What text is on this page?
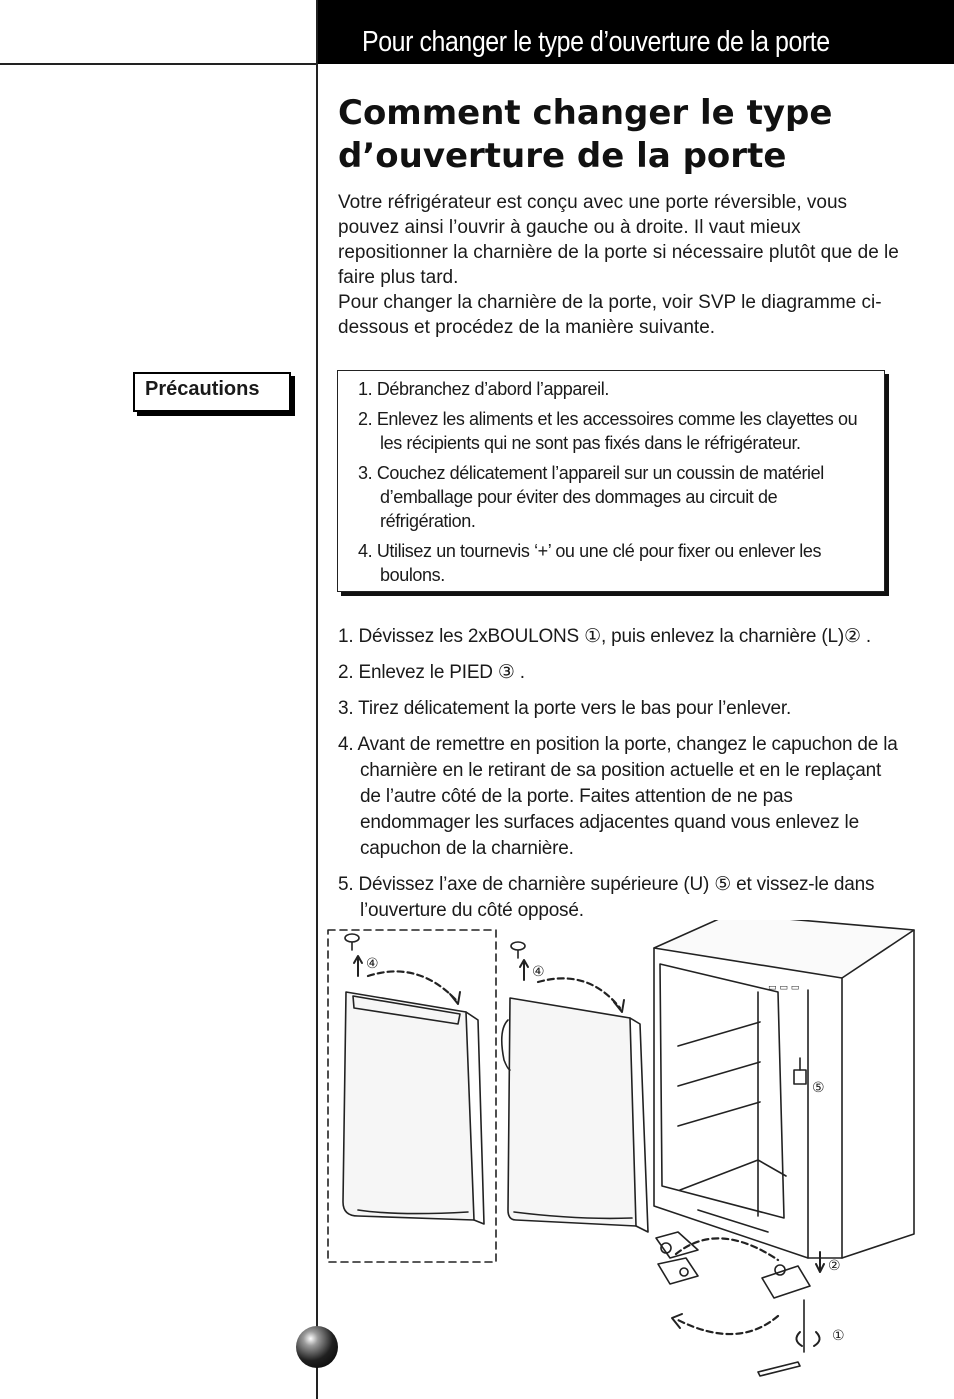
Pour changer le type d’ouverture de la porte
Comment changer le type
d’ouverture de la porte

Votre réfrigérateur est conçu avec une porte réversible, vous pouvez ainsi l’ouvrir à gauche ou à droite. Il vaut mieux repositionner la charnière de la porte si nécessaire plutôt que de le faire plus tard.

Pour changer la charnière de la porte, voir SVP le diagramme ci-dessous et procédez de la manière suivante.

Précautions	1. Débranchez d’abord l’appareil.
2. Enlevez les aliments et les accessoires comme les clayettes ou les récipients qui ne sont pas fixés dans le réfrigérateur.
3. Couchez délicatement l’appareil sur un coussin de matériel d’emballage pour éviter des dommages au circuit de réfrigération.
4. Utilisez un tournevis ‘+’ ou une clé pour fixer ou enlever les boulons.
1. Dévissez les 2xBOULONS ①, puis enlevez la charnière (L)② .
2. Enlevez le PIED ③ .
3. Tirez délicatement la porte vers le bas pour l’enlever.
4. Avant de remettre en position la porte, changez le capuchon de la charnière en le retirant de sa position actuelle et en le replaçant de l’autre côté de la porte. Faites attention de ne pas endommager les surfaces adjacentes quand vous enlevez le capuchon de la charnière.
5. Dévissez l’axe de charnière supérieure (U) ⑤ et vissez-le dans l’ouverture du côté opposé.
④	④
▭ ▭ ▭
⑤
②
①
